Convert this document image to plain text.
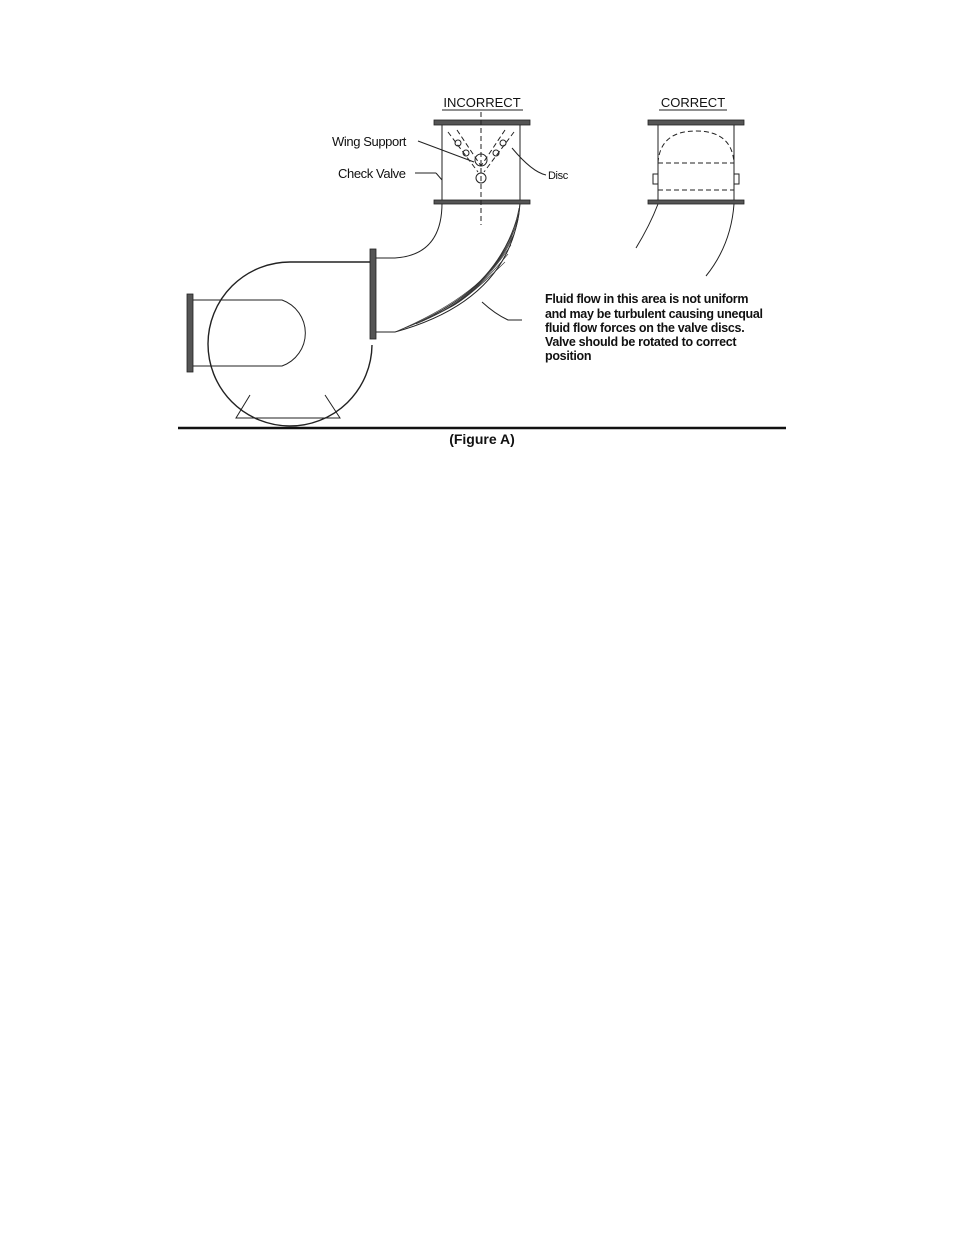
INCORRECT	CORRECT
Wing Support
Check Valve	Disc
Fluid flow in this area is not uniform
and may be turbulent causing unequal
fluid flow forces on the valve discs.
Valve should be rotated to correct
position
(Figure A)
